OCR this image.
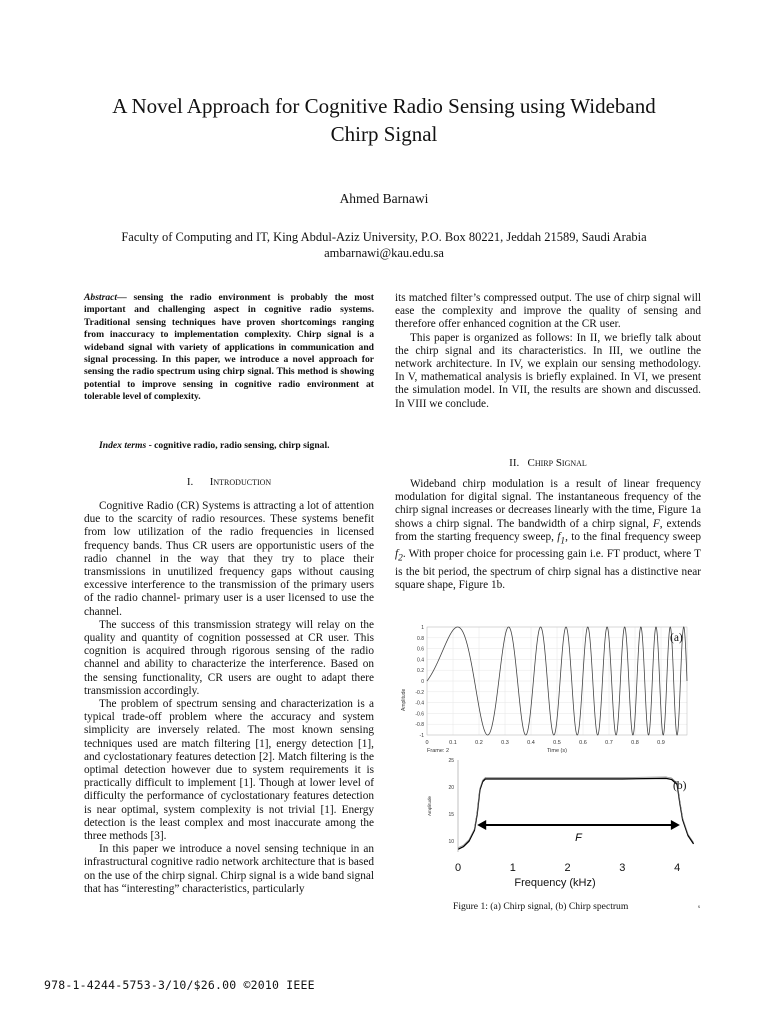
A Novel Approach for Cognitive Radio Sensing using Wideband
Chirp Signal
Ahmed Barnawi
Faculty of Computing and IT, King Abdul-Aziz University, P.O. Box 80221, Jeddah 21589, Saudi Arabia
ambarnawi@kau.edu.sa
Abstract— sensing the radio environment is probably the most important and challenging aspect in cognitive radio systems. Traditional sensing techniques have proven shortcomings ranging from inaccuracy to implementation complexity. Chirp signal is a wideband signal with variety of applications in communication and signal processing. In this paper, we introduce a novel approach for sensing the radio spectrum using chirp signal. This method is showing potential to improve sensing in cognitive radio environment at tolerable level of complexity.
Index terms - cognitive radio, radio sensing, chirp signal.
I. Introduction

Cognitive Radio (CR) Systems is attracting a lot of attention due to the scarcity of radio resources. These systems benefit from low utilization of the radio frequencies in licensed frequency bands. Thus CR users are opportunistic users of the radio channel in the way that they try to place their transmissions in unutilized frequency gaps without causing excessive interference to the transmission of the primary users of the radio channel- primary user is a user licensed to use the channel.

The success of this transmission strategy will relay on the quality and quantity of cognition possessed at CR user. This cognition is acquired through rigorous sensing of the radio channel and ability to characterize the interference. Based on the sensing functionality, CR users are ought to adapt there transmission accordingly.

The problem of spectrum sensing and characterization is a typical trade-off problem where the accuracy and system simplicity are inversely related. The most known sensing techniques used are match filtering [1], energy detection [1], and cyclostationary features detection [2]. Match filtering is the optimal detection however due to system requirements it is practically difficult to implement [1]. Though at lower level of difficulty the performance of cyclostationary features detection is near optimal, system complexity is not trivial [1]. Energy detection is the least complex and most inaccurate among the three methods [3].

In this paper we introduce a novel sensing technique in an infrastructural cognitive radio network architecture that is based on the use of the chirp signal. Chirp signal is a wide band signal that has “interesting” characteristics, particularly

its matched filter’s compressed output. The use of chirp signal will ease the complexity and improve the quality of sensing and therefore offer enhanced cognition at the CR user.

This paper is organized as follows: In II, we briefly talk about the chirp signal and its characteristics. In III, we outline the network architecture. In IV, we explain our sensing methodology. In V, mathematical analysis is briefly explained. In VI, we present the simulation model. In VII, the results are shown and discussed. In VIII we conclude.

II. Chirp Signal

Wideband chirp modulation is a result of linear frequency modulation for digital signal. The instantaneous frequency of the chirp signal increases or decreases linearly with the time, Figure 1a shows a chirp signal. The bandwidth of a chirp signal, F, extends from the starting frequency sweep, $f_1$, to the final frequency sweep $f_2$. With proper choice for processing gain i.e. FT product, where T is the bit period, the spectrum of chirp signal has a distinctive near square shape, Figure 1b.

1
0.8
0.6
0.4
0.2
0
-0.2
-0.4
-0.6
-0.8
-1
0	0.1	0.2	0.3	0.4	0.5	0.6	0.7	0.8	0.9
Amplitude
Frame: 2	Time (s)
(a)
25
20
15
10	F
Amplitude
0	1	2	3	4
Frequency (kHz)
(b)
s
Figure 1: (a) Chirp signal, (b) Chirp spectrum
978-1-4244-5753-3/10/$26.00 ©2010 IEEE
